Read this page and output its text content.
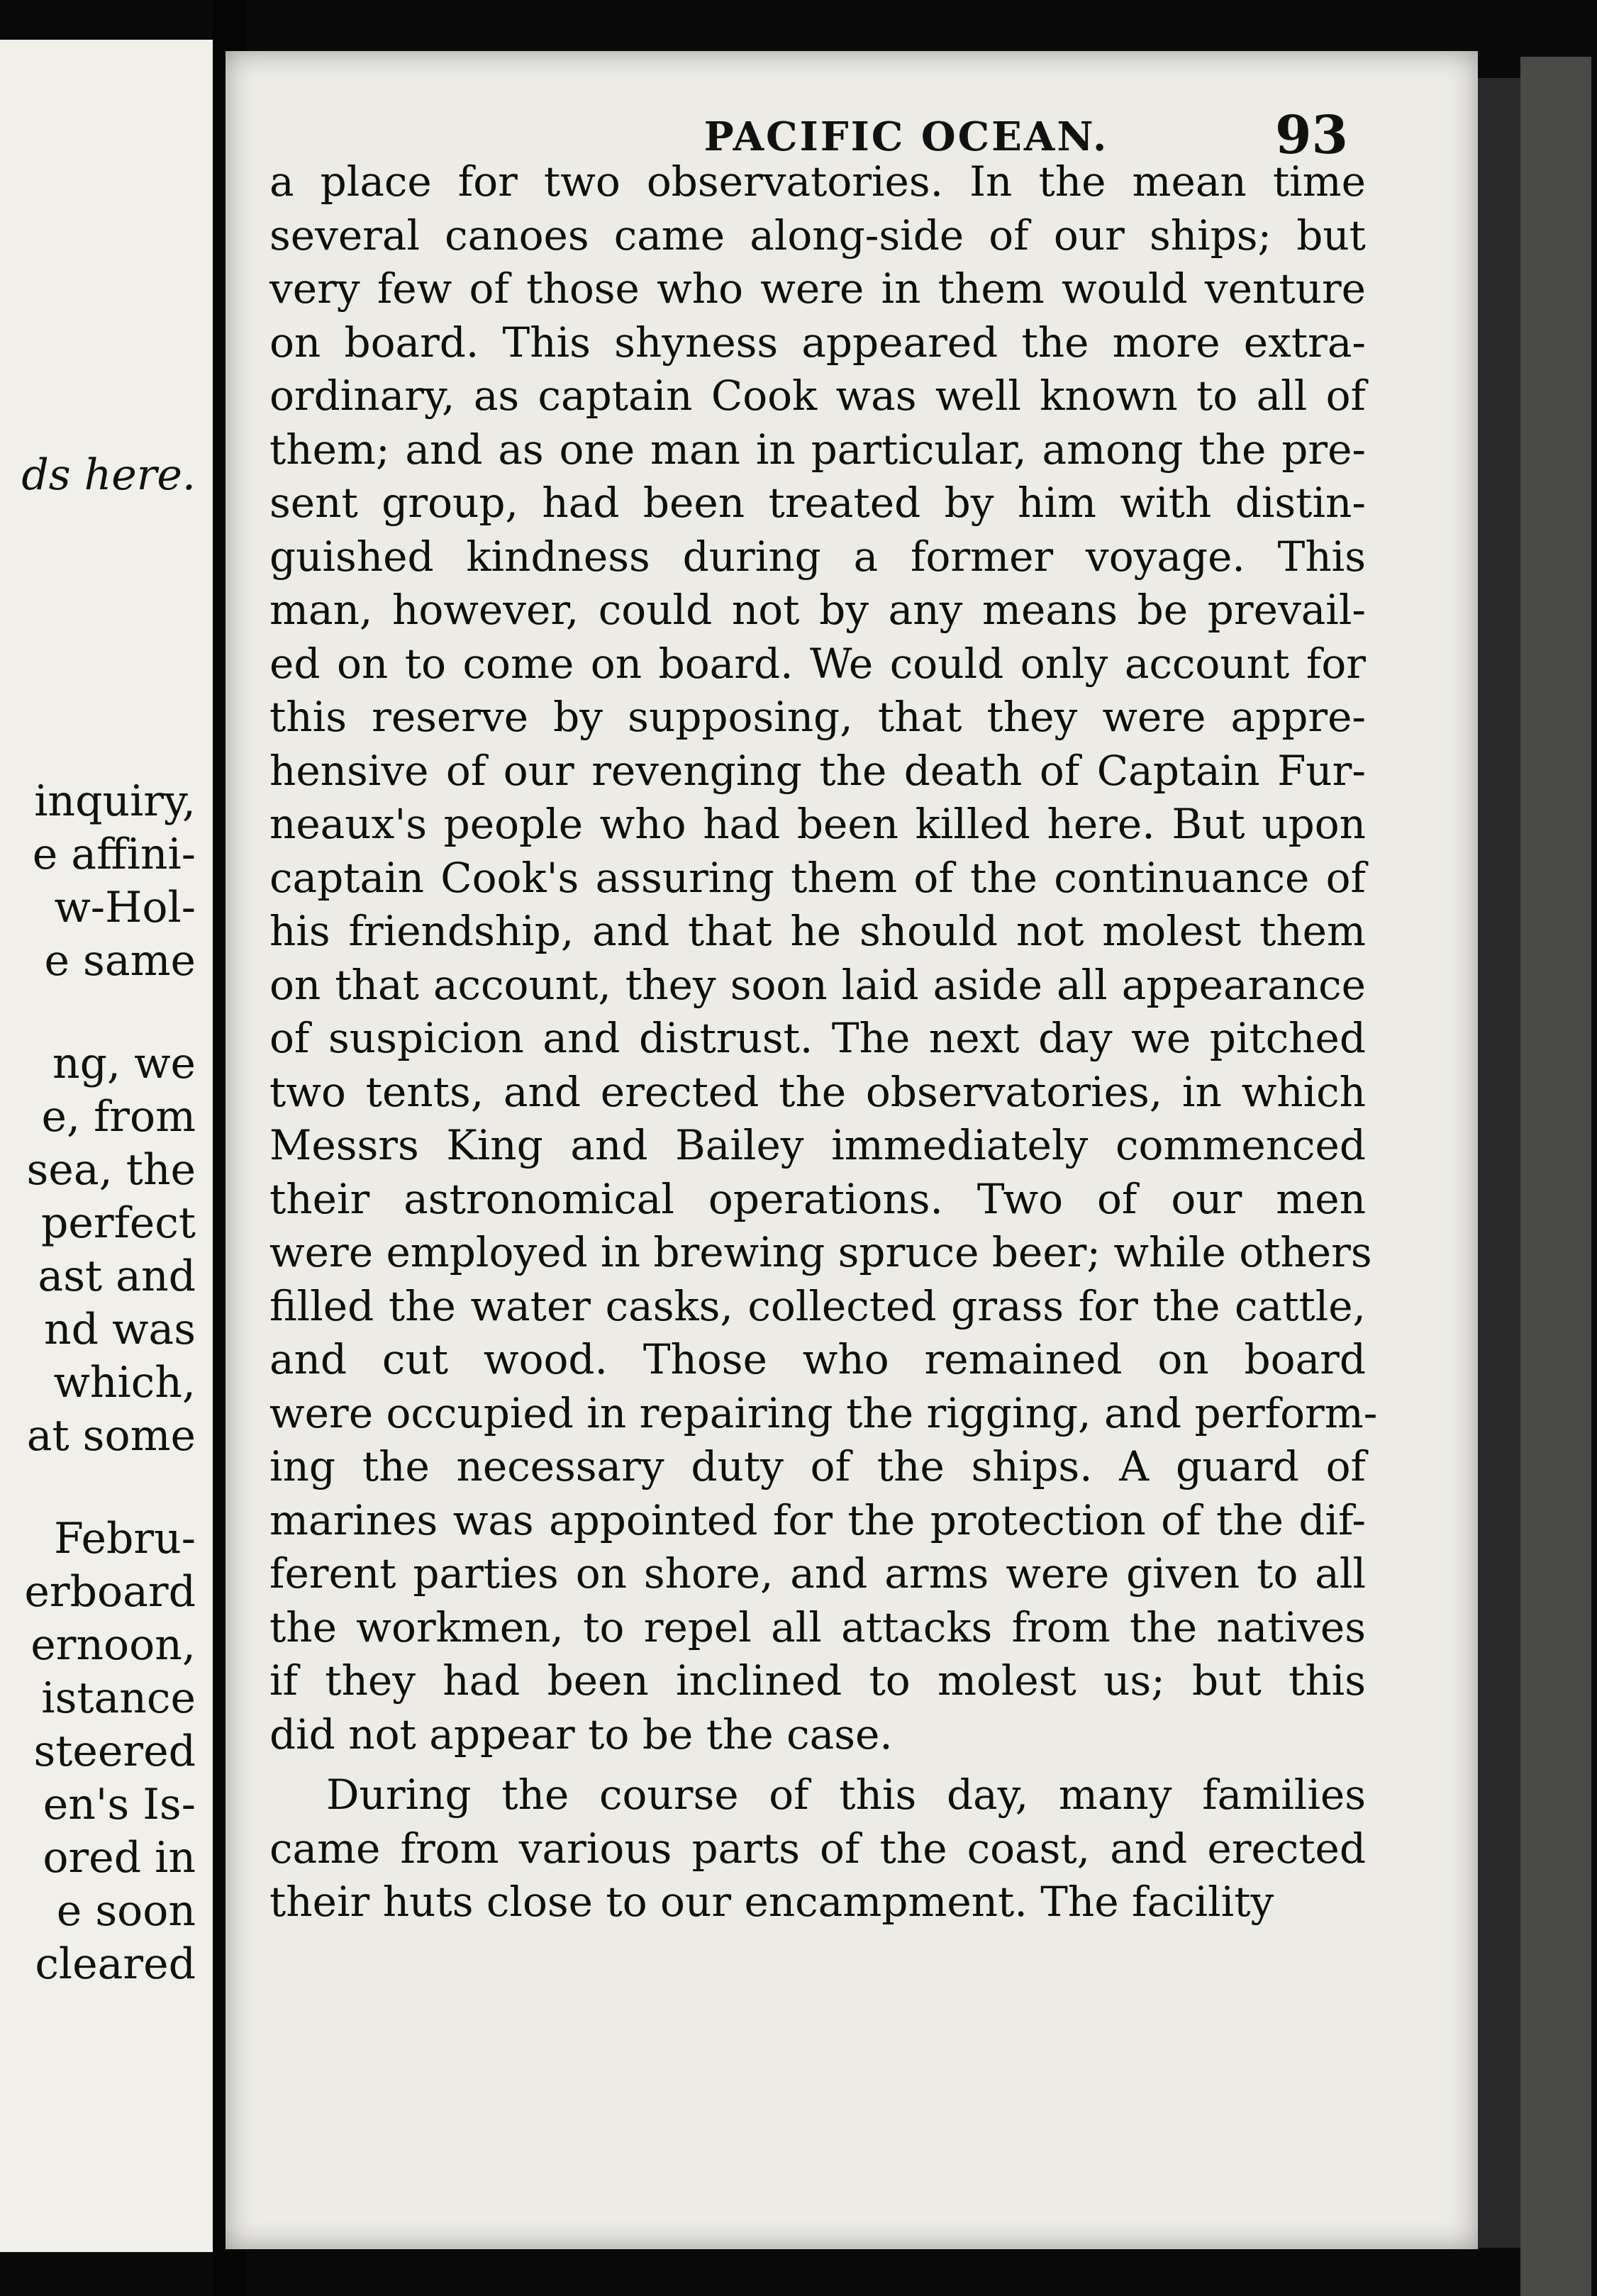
ds here.
inquiry,
e affini-
w-Hol-
e same
ng, we
e, from
sea, the
perfect
ast and
nd was
which,
at some
Febru-
erboard
ernoon,
istance
steered
en's Is-
ored in
e soon
cleared
PACIFIC OCEAN.	93
a place for two observatories. In the mean time
several canoes came along-side of our ships; but
very few of those who were in them would venture
on board. This shyness appeared the more extra-
ordinary, as captain Cook was well known to all of
them; and as one man in particular, among the pre-
sent group, had been treated by him with distin-
guished kindness during a former voyage. This
man, however, could not by any means be prevail-
ed on to come on board. We could only account for
this reserve by supposing, that they were appre-
hensive of our revenging the death of Captain Fur-
neaux's people who had been killed here. But upon
captain Cook's assuring them of the continuance of
his friendship, and that he should not molest them
on that account, they soon laid aside all appearance
of suspicion and distrust. The next day we pitched
two tents, and erected the observatories, in which
Messrs King and Bailey immediately commenced
their astronomical operations. Two of our men
were employed in brewing spruce beer; while others
filled the water casks, collected grass for the cattle,
and cut wood. Those who remained on board
were occupied in repairing the rigging, and perform-
ing the necessary duty of the ships. A guard of
marines was appointed for the protection of the dif-
ferent parties on shore, and arms were given to all
the workmen, to repel all attacks from the natives
if they had been inclined to molest us; but this
did not appear to be the case.
During the course of this day, many families
came from various parts of the coast, and erected
their huts close to our encampment. The facility
